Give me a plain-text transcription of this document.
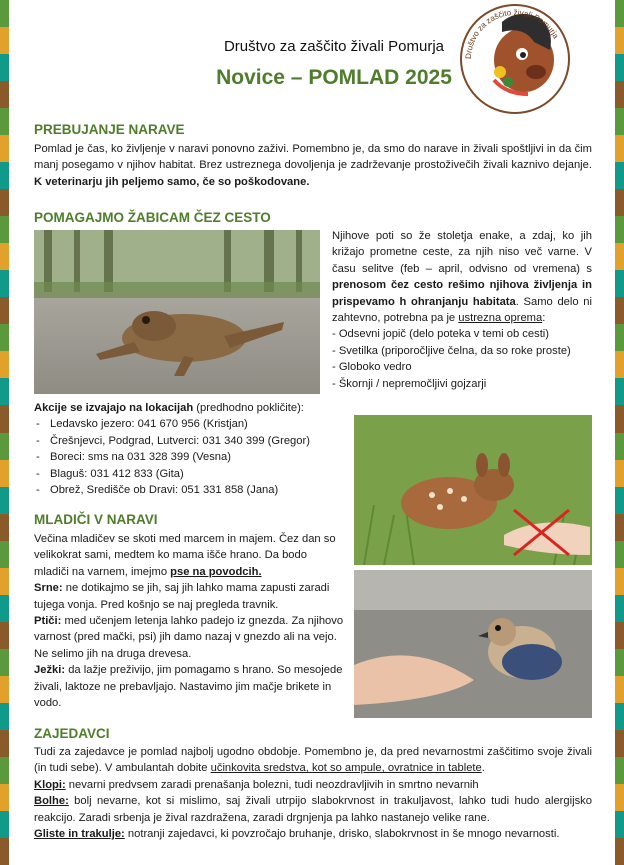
Društvo za zaščito živali Pomurja
Novice – POMLAD 2025
Društvo za zaščito živali Pomurja
PREBUJANJE NARAVE
Pomlad je čas, ko življenje v naravi ponovno zaživi. Pomembno je, da smo do narave in živali spoštljivi in da čim manj posegamo v njihov habitat. Brez ustreznega dovoljenja je zadrževanje prostoživečih živali kaznivo dejanje. K veterinarju jih peljemo samo, če so poškodovane.
POMAGAJMO ŽABICAM ČEZ CESTO
Njihove poti so že stoletja enake, a zdaj, ko jih križajo prometne ceste, za njih niso več varne. V času selitve (feb – april, odvisno od vremena) s prenosom čez cesto rešimo njihova življenja in prispevamo h ohranjanju habitata. Samo delo ni zahtevno, potrebna pa je ustrezna oprema:
- Odsevni jopič (delo poteka v temi ob cesti)
- Svetilka (priporočljive čelna, da so roke proste)
- Globoko vedro
- Škornji / nepremočljivi gojzarji
Akcije se izvajajo na lokacijah (predhodno pokličite):
- Ledavsko jezero: 041 670 956 (Kristjan)
- Črešnjevci, Podgrad, Lutverci: 031 340 399 (Gregor)
- Boreci: sms na 031 328 399 (Vesna)
- Blaguš: 031 412 833 (Gita)
- Obrež, Središče ob Dravi: 051 331 858 (Jana)
MLADIČI V NARAVI
Večina mladičev se skoti med marcem in majem. Čez dan so velikokrat sami, medtem ko mama išče hrano. Da bodo mladiči na varnem, imejmo pse na povodcih.
Srne: ne dotikajmo se jih, saj jih lahko mama zapusti zaradi tujega vonja. Pred košnjo se naj pregleda travnik.
Ptiči: med učenjem letenja lahko padejo iz gnezda. Za njihovo varnost (pred mački, psi) jih damo nazaj v gnezdo ali na vejo. Ne selimo jih na druga drevesa.
Ježki: da lažje preživijo, jim pomagamo s hrano. So mesojede živali, laktoze ne prebavljajo. Nastavimo jim mačje brikete in vodo.
ZAJEDAVCI
Tudi za zajedavce je pomlad najbolj ugodno obdobje. Pomembno je, da pred nevarnostmi zaščitimo svoje živali (in tudi sebe). V ambulantah dobite učinkovita sredstva, kot so ampule, ovratnice in tablete.
Klopi: nevarni predvsem zaradi prenašanja bolezni, tudi neozdravljivih in smrtno nevarnih
Bolhe: bolj nevarne, kot si mislimo, saj živali utrpijo slabokrvnost in trakuljavost, lahko tudi hudo alergijsko reakcijo. Zaradi srbenja je žival razdražena, zaradi drgnjenja pa lahko nastanejo velike rane.
Gliste in trakulje: notranji zajedavci, ki povzročajo bruhanje, drisko, slabokrvnost in še mnogo nevarnosti.
